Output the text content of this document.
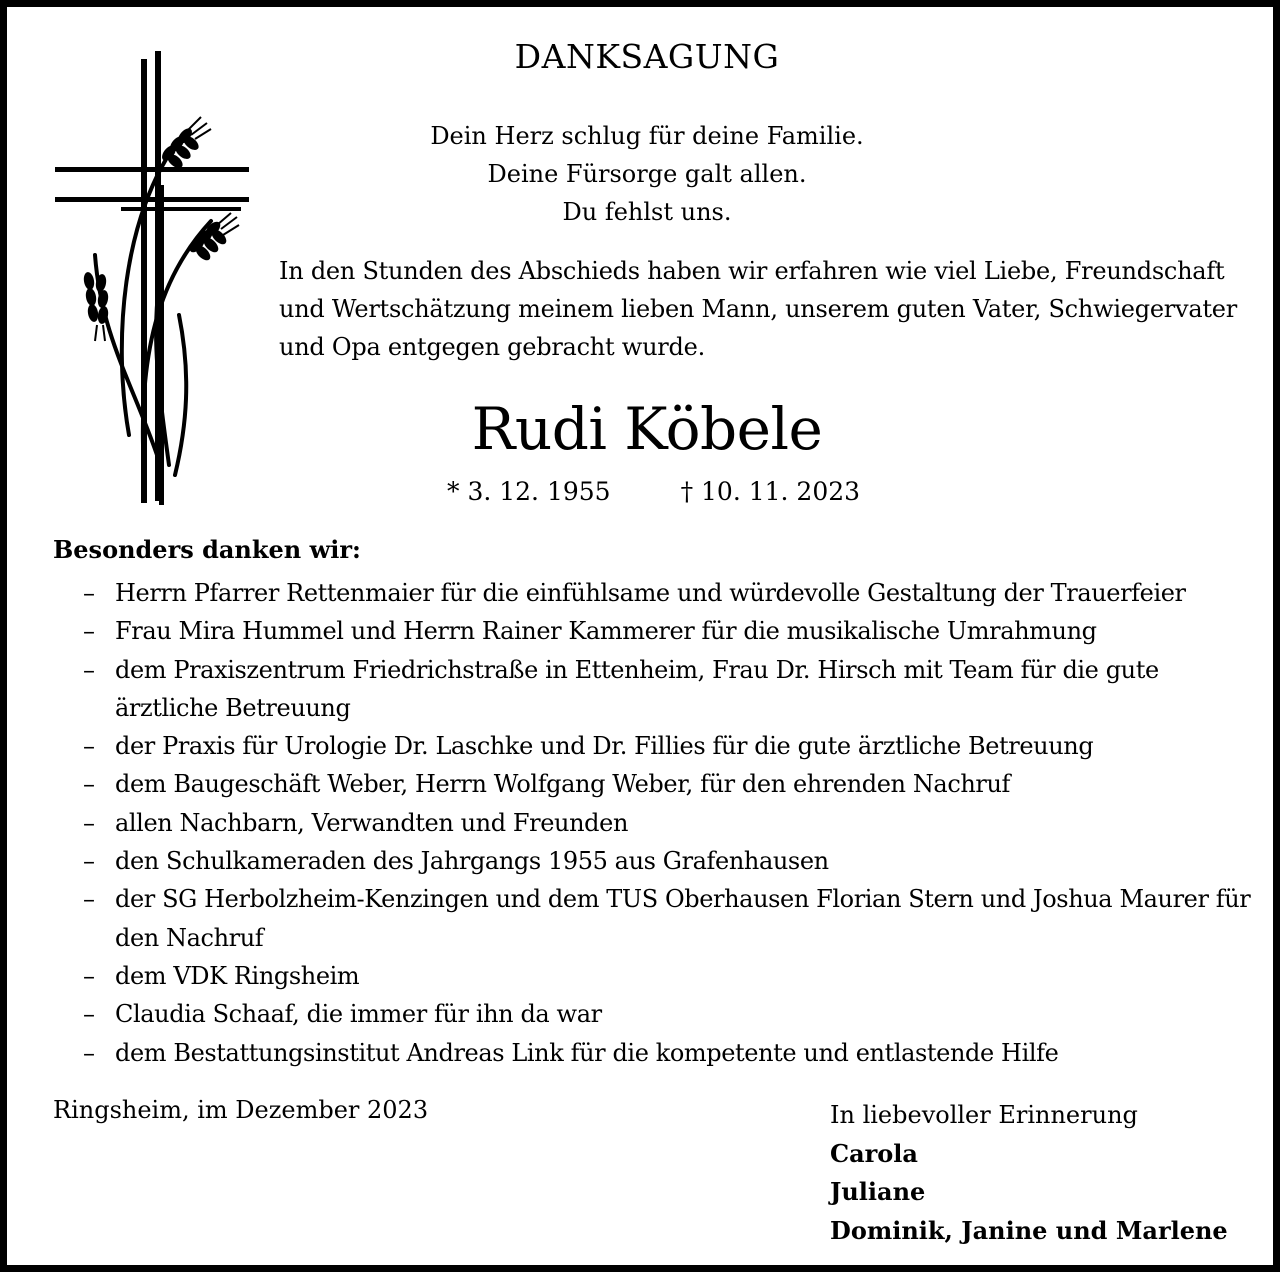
DANKSAGUNG
Dein Herz schlug für deine Familie.
Deine Fürsorge galt allen.
Du fehlst uns.
In den Stunden des Abschieds haben wir erfahren wie viel Liebe, Freundschaft
und Wertschätzung meinem lieben Mann, unserem guten Vater, Schwiegervater
und Opa entgegen gebracht wurde.
Rudi Köbele
* 3. 12. 1955	† 10. 11. 2023
Besonders danken wir:
– Herrn Pfarrer Rettenmaier für die einfühlsame und würdevolle Gestaltung der Trauerfeier
– Frau Mira Hummel und Herrn Rainer Kammerer für die musikalische Umrahmung
– dem Praxiszentrum Friedrichstraße in Ettenheim, Frau Dr. Hirsch mit Team für die gute ärztliche Betreuung
– der Praxis für Urologie Dr. Laschke und Dr. Fillies für die gute ärztliche Betreuung
– dem Baugeschäft Weber, Herrn Wolfgang Weber, für den ehrenden Nachruf
– allen Nachbarn, Verwandten und Freunden
– den Schulkameraden des Jahrgangs 1955 aus Grafenhausen
– der SG Herbolzheim-Kenzingen und dem TUS Oberhausen Florian Stern und Joshua Maurer für den Nachruf
– dem VDK Ringsheim
– Claudia Schaaf, die immer für ihn da war
– dem Bestattungsinstitut Andreas Link für die kompetente und entlastende Hilfe
Ringsheim, im Dezember 2023	In liebevoller Erinnerung
Carola
Juliane
Dominik, Janine und Marlene
